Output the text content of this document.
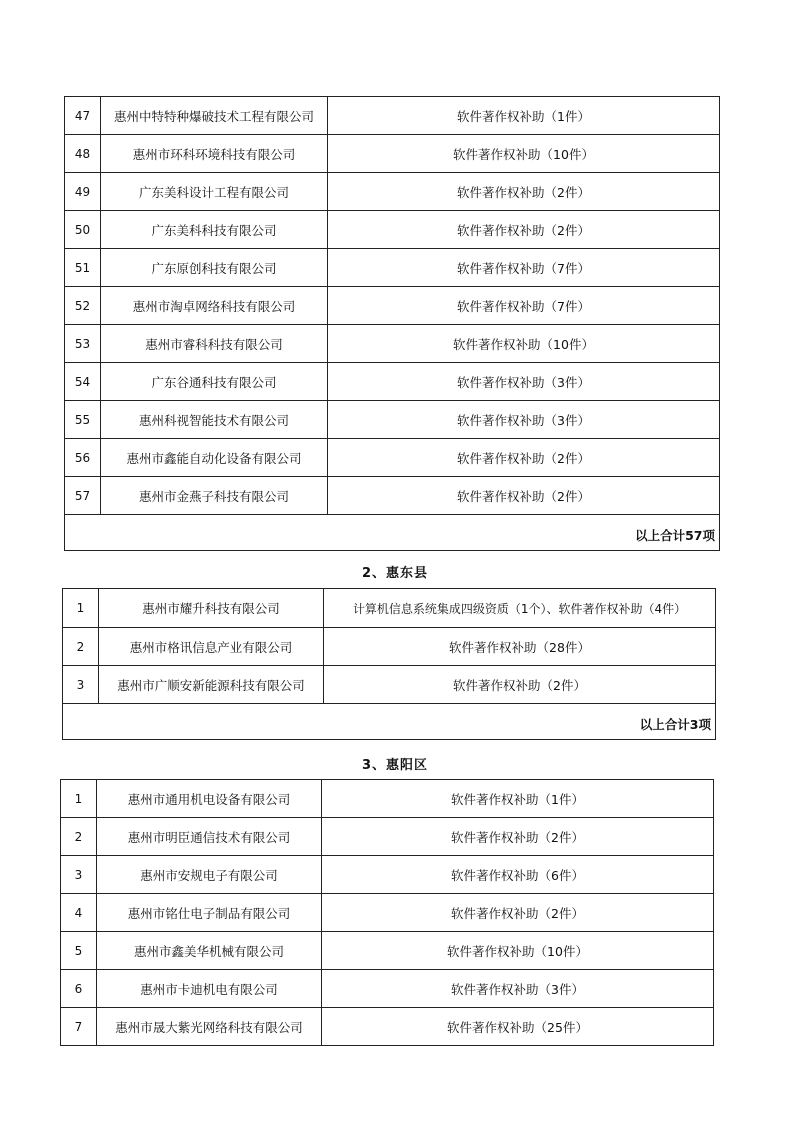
47	惠州中特特种爆破技术工程有限公司	软件著作权补助（1件）
48	惠州市环科环境科技有限公司	软件著作权补助（10件）
49	广东美科设计工程有限公司	软件著作权补助（2件）
50	广东美科科技有限公司	软件著作权补助（2件）
51	广东原创科技有限公司	软件著作权补助（7件）
52	惠州市淘卓网络科技有限公司	软件著作权补助（7件）
53	惠州市睿科科技有限公司	软件著作权补助（10件）
54	广东谷通科技有限公司	软件著作权补助（3件）
55	惠州科视智能技术有限公司	软件著作权补助（3件）
56	惠州市鑫能自动化设备有限公司	软件著作权补助（2件）
57	惠州市金燕子科技有限公司	软件著作权补助（2件）
以上合计57项		
2、惠东县
1	惠州市耀升科技有限公司	计算机信息系统集成四级资质（1个）、软件著作权补助（4件）
2	惠州市格讯信息产业有限公司	软件著作权补助（28件）
3	惠州市广顺安新能源科技有限公司	软件著作权补助（2件）
以上合计3项		
3、惠阳区
1	惠州市通用机电设备有限公司	软件著作权补助（1件）
2	惠州市明臣通信技术有限公司	软件著作权补助（2件）
3	惠州市安规电子有限公司	软件著作权补助（6件）
4	惠州市铭仕电子制品有限公司	软件著作权补助（2件）
5	惠州市鑫美华机械有限公司	软件著作权补助（10件）
6	惠州市卡迪机电有限公司	软件著作权补助（3件）
7	惠州市晟大紫光网络科技有限公司	软件著作权补助（25件）
